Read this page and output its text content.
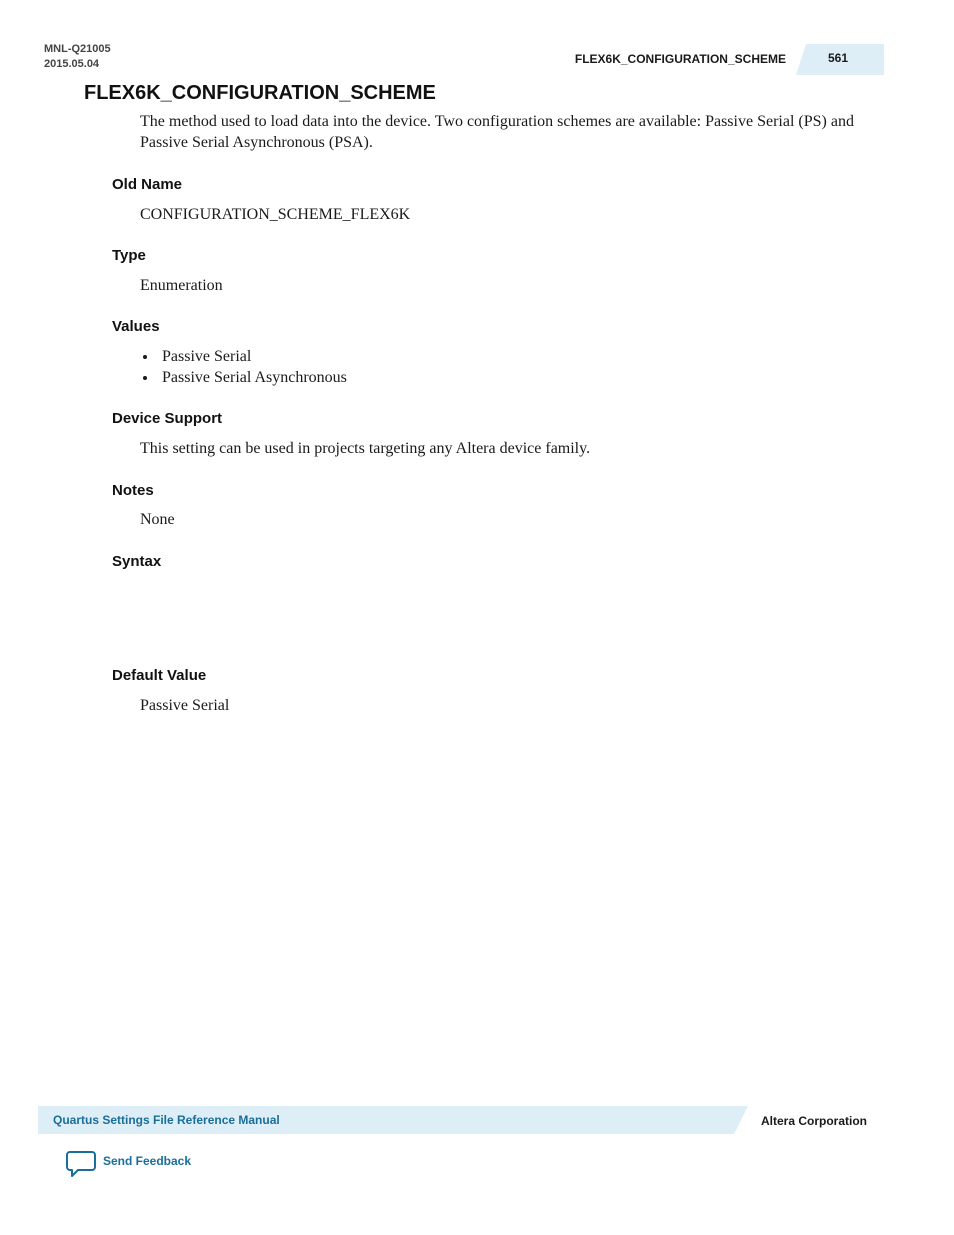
MNL-Q21005
2015.05.04	FLEX6K_CONFIGURATION_SCHEME	561
FLEX6K_CONFIGURATION_SCHEME

The method used to load data into the device. Two configuration schemes are available: Passive Serial (PS) and Passive Serial Asynchronous (PSA).

Old Name

CONFIGURATION_SCHEME_FLEX6K

Type

Enumeration

Values
Passive Serial
Passive Serial Asynchronous
Device Support

This setting can be used in projects targeting any Altera device family.

Notes

None

Syntax
Default Value

Passive Serial

Quartus Settings File Reference Manual	Altera Corporation
Send Feedback
